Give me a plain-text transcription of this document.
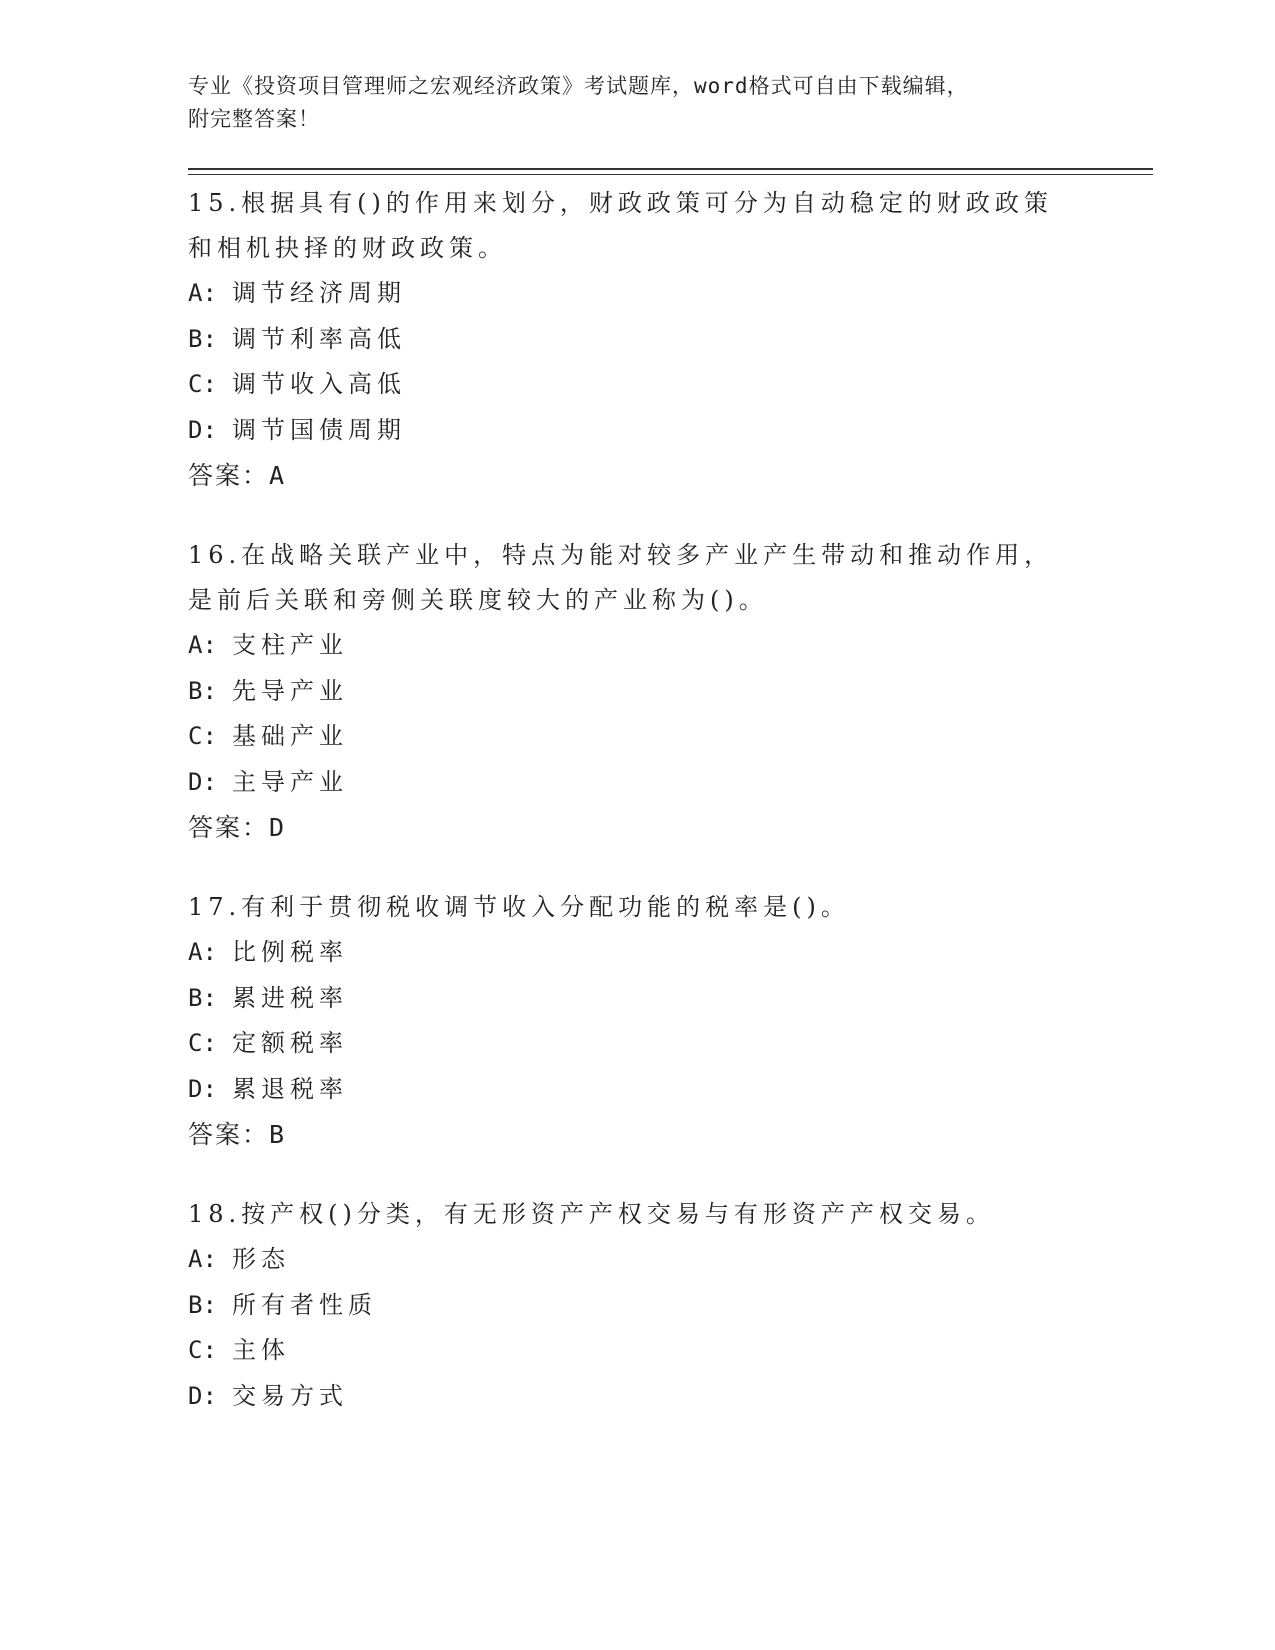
专业《投资项目管理师之宏观经济政策》考试题库，word格式可自由下载编辑，
附完整答案！
15.根据具有()的作用来划分，财政政策可分为自动稳定的财政政策和相机抉择的财政政策。
A: 调节经济周期
B: 调节利率高低
C: 调节收入高低
D: 调节国债周期
答案：A
16.在战略关联产业中，特点为能对较多产业产生带动和推动作用，是前后关联和旁侧关联度较大的产业称为()。
A: 支柱产业
B: 先导产业
C: 基础产业
D: 主导产业
答案：D
17.有利于贯彻税收调节收入分配功能的税率是()。
A: 比例税率
B: 累进税率
C: 定额税率
D: 累退税率
答案：B
18.按产权()分类，有无形资产产权交易与有形资产产权交易。
A: 形态
B: 所有者性质
C: 主体
D: 交易方式
